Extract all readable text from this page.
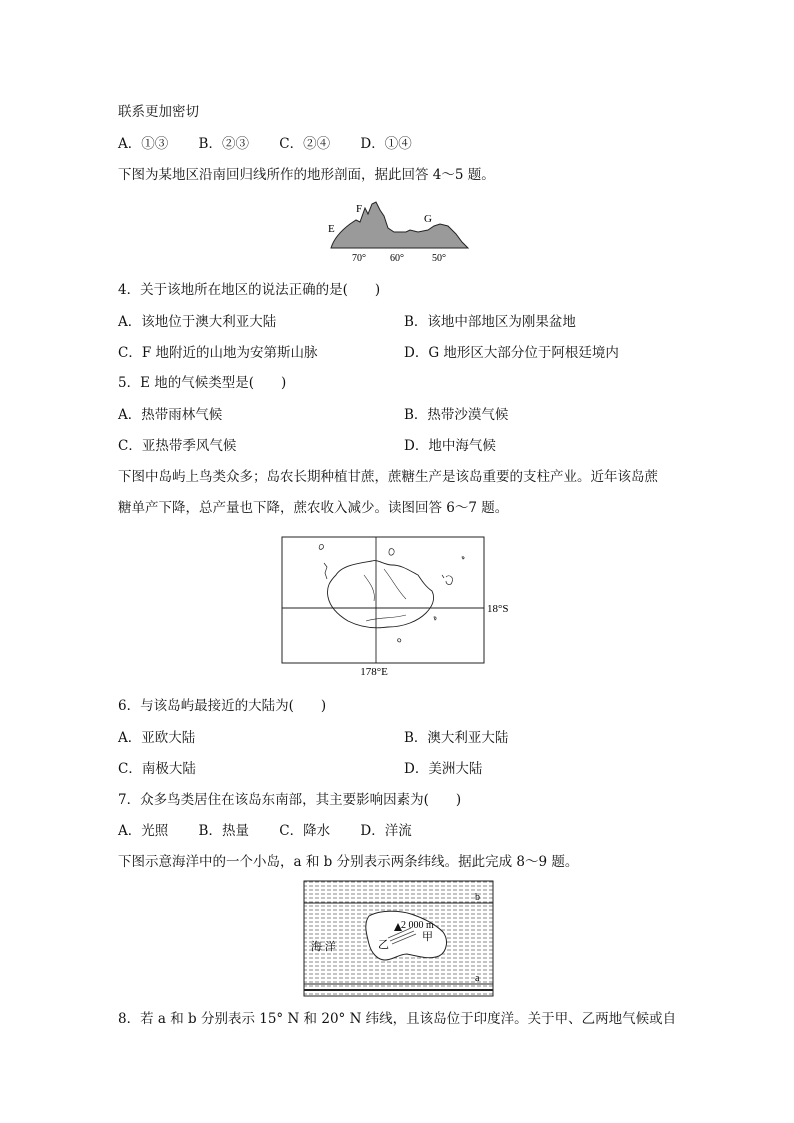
联系更加密切
A．①③ B．②③ C．②④ D．①④
下图为某地区沿南回归线所作的地形剖面，据此回答 4～5 题。
E
F
G
70° 60°	50°
4．关于该地所在地区的说法正确的是(　　)
A．该地位于澳大利亚大陆	B．该地中部地区为刚果盆地
C．F 地附近的山地为安第斯山脉	D．G 地形区大部分位于阿根廷境内
5．E 地的气候类型是(　　)
A．热带雨林气候	B．热带沙漠气候
C．亚热带季风气候	D．地中海气候
下图中岛屿上鸟类众多；岛农长期种植甘蔗，蔗糖生产是该岛重要的支柱产业。近年该岛蔗
糖单产下降，总产量也下降，蔗农收入减少。读图回答 6～7 题。
18°S
178°E
6．与该岛屿最接近的大陆为(　　)
A．亚欧大陆	B．澳大利亚大陆
C．南极大陆	D．美洲大陆
7．众多鸟类居住在该岛东南部，其主要影响因素为(　　)
A．光照 B．热量 C．降水 D．洋流
下图示意海洋中的一个小岛，a 和 b 分别表示两条纬线。据此完成 8～9 题。
2 000 m
甲
乙
海 洋
b
a
8．若 a 和 b 分别表示 15° N 和 20° N 纬线，且该岛位于印度洋。关于甲、乙两地气候或自
